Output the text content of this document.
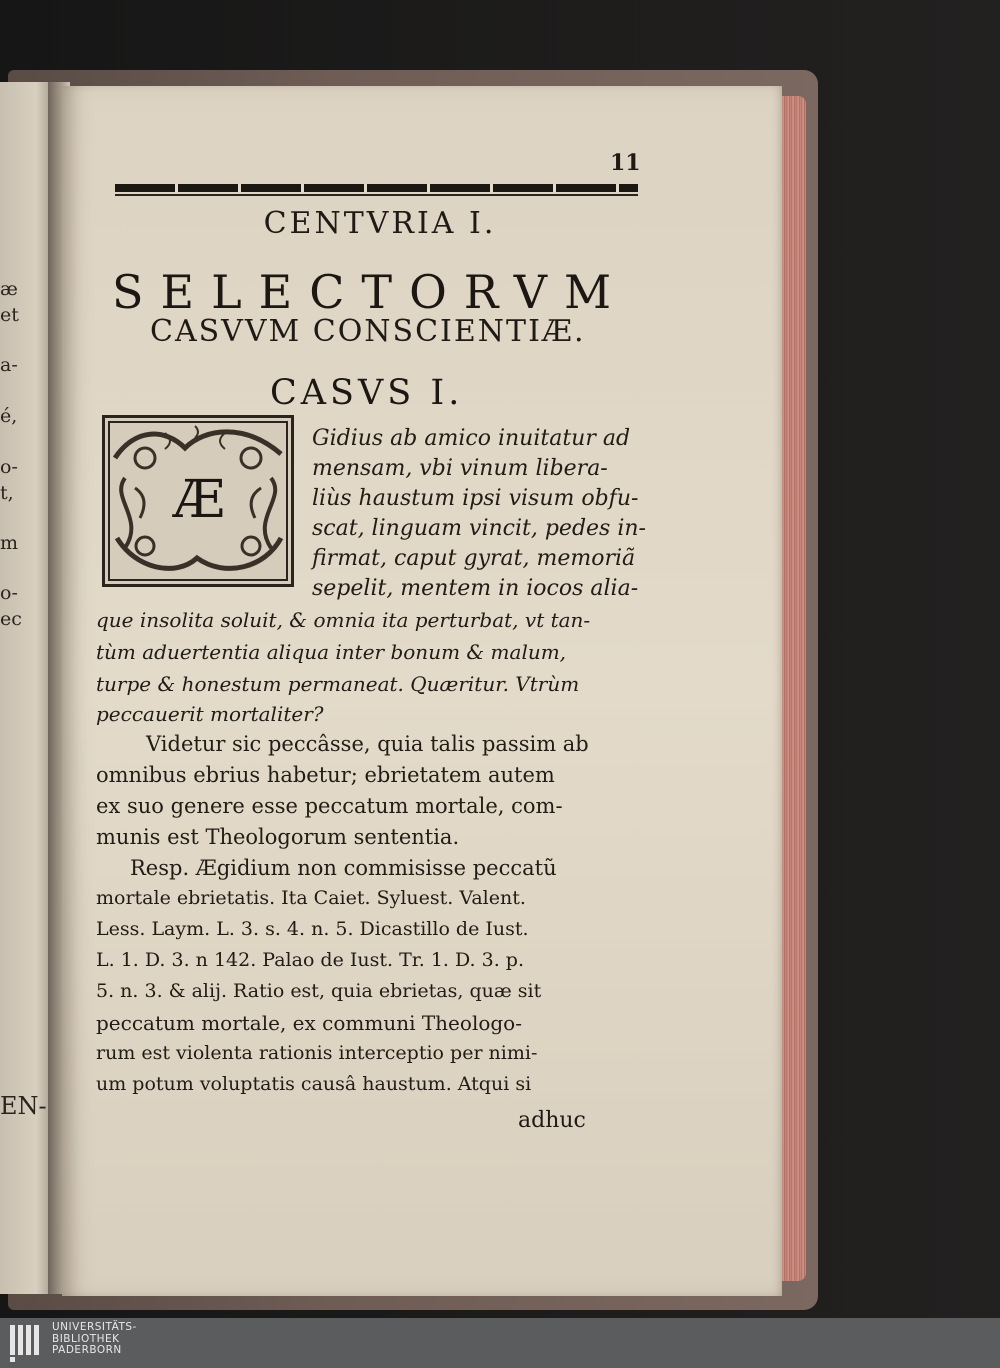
æ
et
a-
é,
o-
t,
m
o-
ec
EN-
11
CENTVRIA I.
SELECTORVM
CASVVM CONSCIENTIÆ.
CASVS I.
Æ
Gidius ab amico inuitatur ad
mensam, vbi vinum libera-
liùs haustum ipsi visum obfu-
scat, linguam vincit, pedes in-
firmat, caput gyrat, memoriã
sepelit, mentem in iocos alia-
que insolita soluit, & omnia ita perturbat, vt tan-
tùm aduertentia aliqua inter bonum & malum,
turpe & honestum permaneat. Quæritur. Vtrùm
peccauerit mortaliter?
Videtur sic peccâsse, quia talis passim ab
omnibus ebrius habetur; ebrietatem autem
ex suo genere esse peccatum mortale, com-
munis est Theologorum sententia.
Resp. Ægidium non commisisse peccatũ
mortale ebrietatis. Ita Caiet. Syluest. Valent.
Less. Laym. L. 3. s. 4. n. 5. Dicastillo de Iust.
L. 1. D. 3. n 142. Palao de Iust. Tr. 1. D. 3. p.
5. n. 3. & alij. Ratio est, quia ebrietas, quæ sit
peccatum mortale, ex communi Theologo-
rum est violenta rationis interceptio per nimi-
um potum voluptatis causâ haustum. Atqui si
adhuc
UNIVERSITÄTS-
BIBLIOTHEK
PADERBORN
